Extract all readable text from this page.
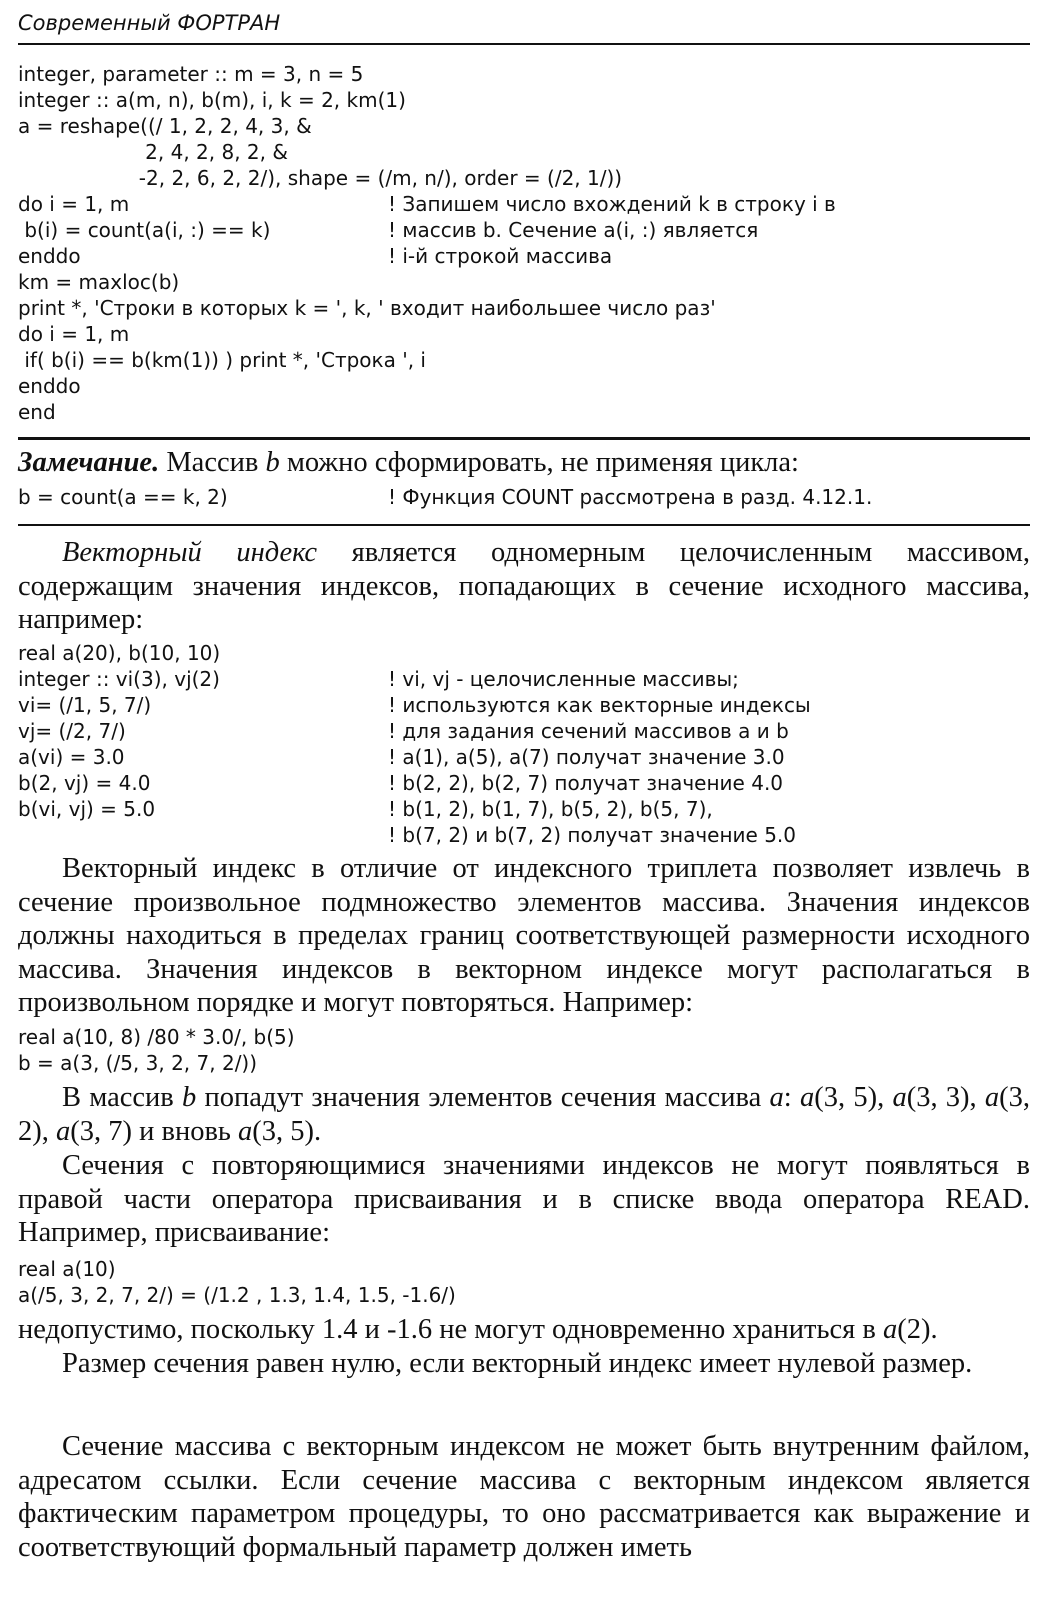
Современный ФОРТРАН
integer, parameter :: m = 3, n = 5
integer :: a(m, n), b(m), i, k = 2, km(1)
a = reshape((/ 1, 2, 2, 4, 3, &
2, 4, 2, 8, 2, &
-2, 2, 6, 2, 2/), shape = (/m, n/), order = (/2, 1/))
do i = 1, m	! Запишем число вхождений k в строку i в
b(i) = count(a(i, :) == k)	! массив b. Сечение a(i, :) является
enddo	! i-й строкой массива
km = maxloc(b)
print *, 'Строки в которых k = ', k, ' входит наибольшее число раз'
do i = 1, m
if( b(i) == b(km(1)) ) print *, 'Строка ', i
enddo
end
Замечание. Массив b можно сформировать, не применяя цикла:
b = count(a == k, 2)	! Функция COUNT рассмотрена в разд. 4.12.1.
Векторный индекс является одномерным целочисленным массивом, содержащим значения индексов, попадающих в сечение исходного массива, например:
real a(20), b(10, 10)
integer :: vi(3), vj(2)	! vi, vj - целочисленные массивы;
vi= (/1, 5, 7/)	! используются как векторные индексы
vj= (/2, 7/)	! для задания сечений массивов a и b
a(vi) = 3.0	! a(1), a(5), a(7) получат значение 3.0
b(2, vj) = 4.0	! b(2, 2), b(2, 7) получат значение 4.0
b(vi, vj) = 5.0	! b(1, 2), b(1, 7), b(5, 2), b(5, 7),
! b(7, 2) и b(7, 2) получат значение 5.0
Векторный индекс в отличие от индексного триплета позволяет извлечь в сечение произвольное подмножество элементов массива. Значения индексов должны находиться в пределах границ соответствующей размерности исходного массива. Значения индексов в векторном индексе могут располагаться в произвольном порядке и могут повторяться. Например:
real a(10, 8) /80 * 3.0/, b(5)
b = a(3, (/5, 3, 2, 7, 2/))
В массив b попадут значения элементов сечения массива a: a(3, 5), a(3, 3), a(3, 2), a(3, 7) и вновь a(3, 5).
Сечения с повторяющимися значениями индексов не могут появляться в правой части оператора присваивания и в списке ввода оператора READ. Например, присваивание:
real a(10)
a(/5, 3, 2, 7, 2/) = (/1.2 , 1.3, 1.4, 1.5, -1.6/)
недопустимо, поскольку 1.4 и -1.6 не могут одновременно храниться в a(2).
Размер сечения равен нулю, если векторный индекс имеет нулевой размер.
Сечение массива с векторным индексом не может быть внутренним файлом, адресатом ссылки. Если сечение массива с векторным индексом является фактическим параметром процедуры, то оно рассматривается как выражение и соответствующий формальный параметр должен иметь
